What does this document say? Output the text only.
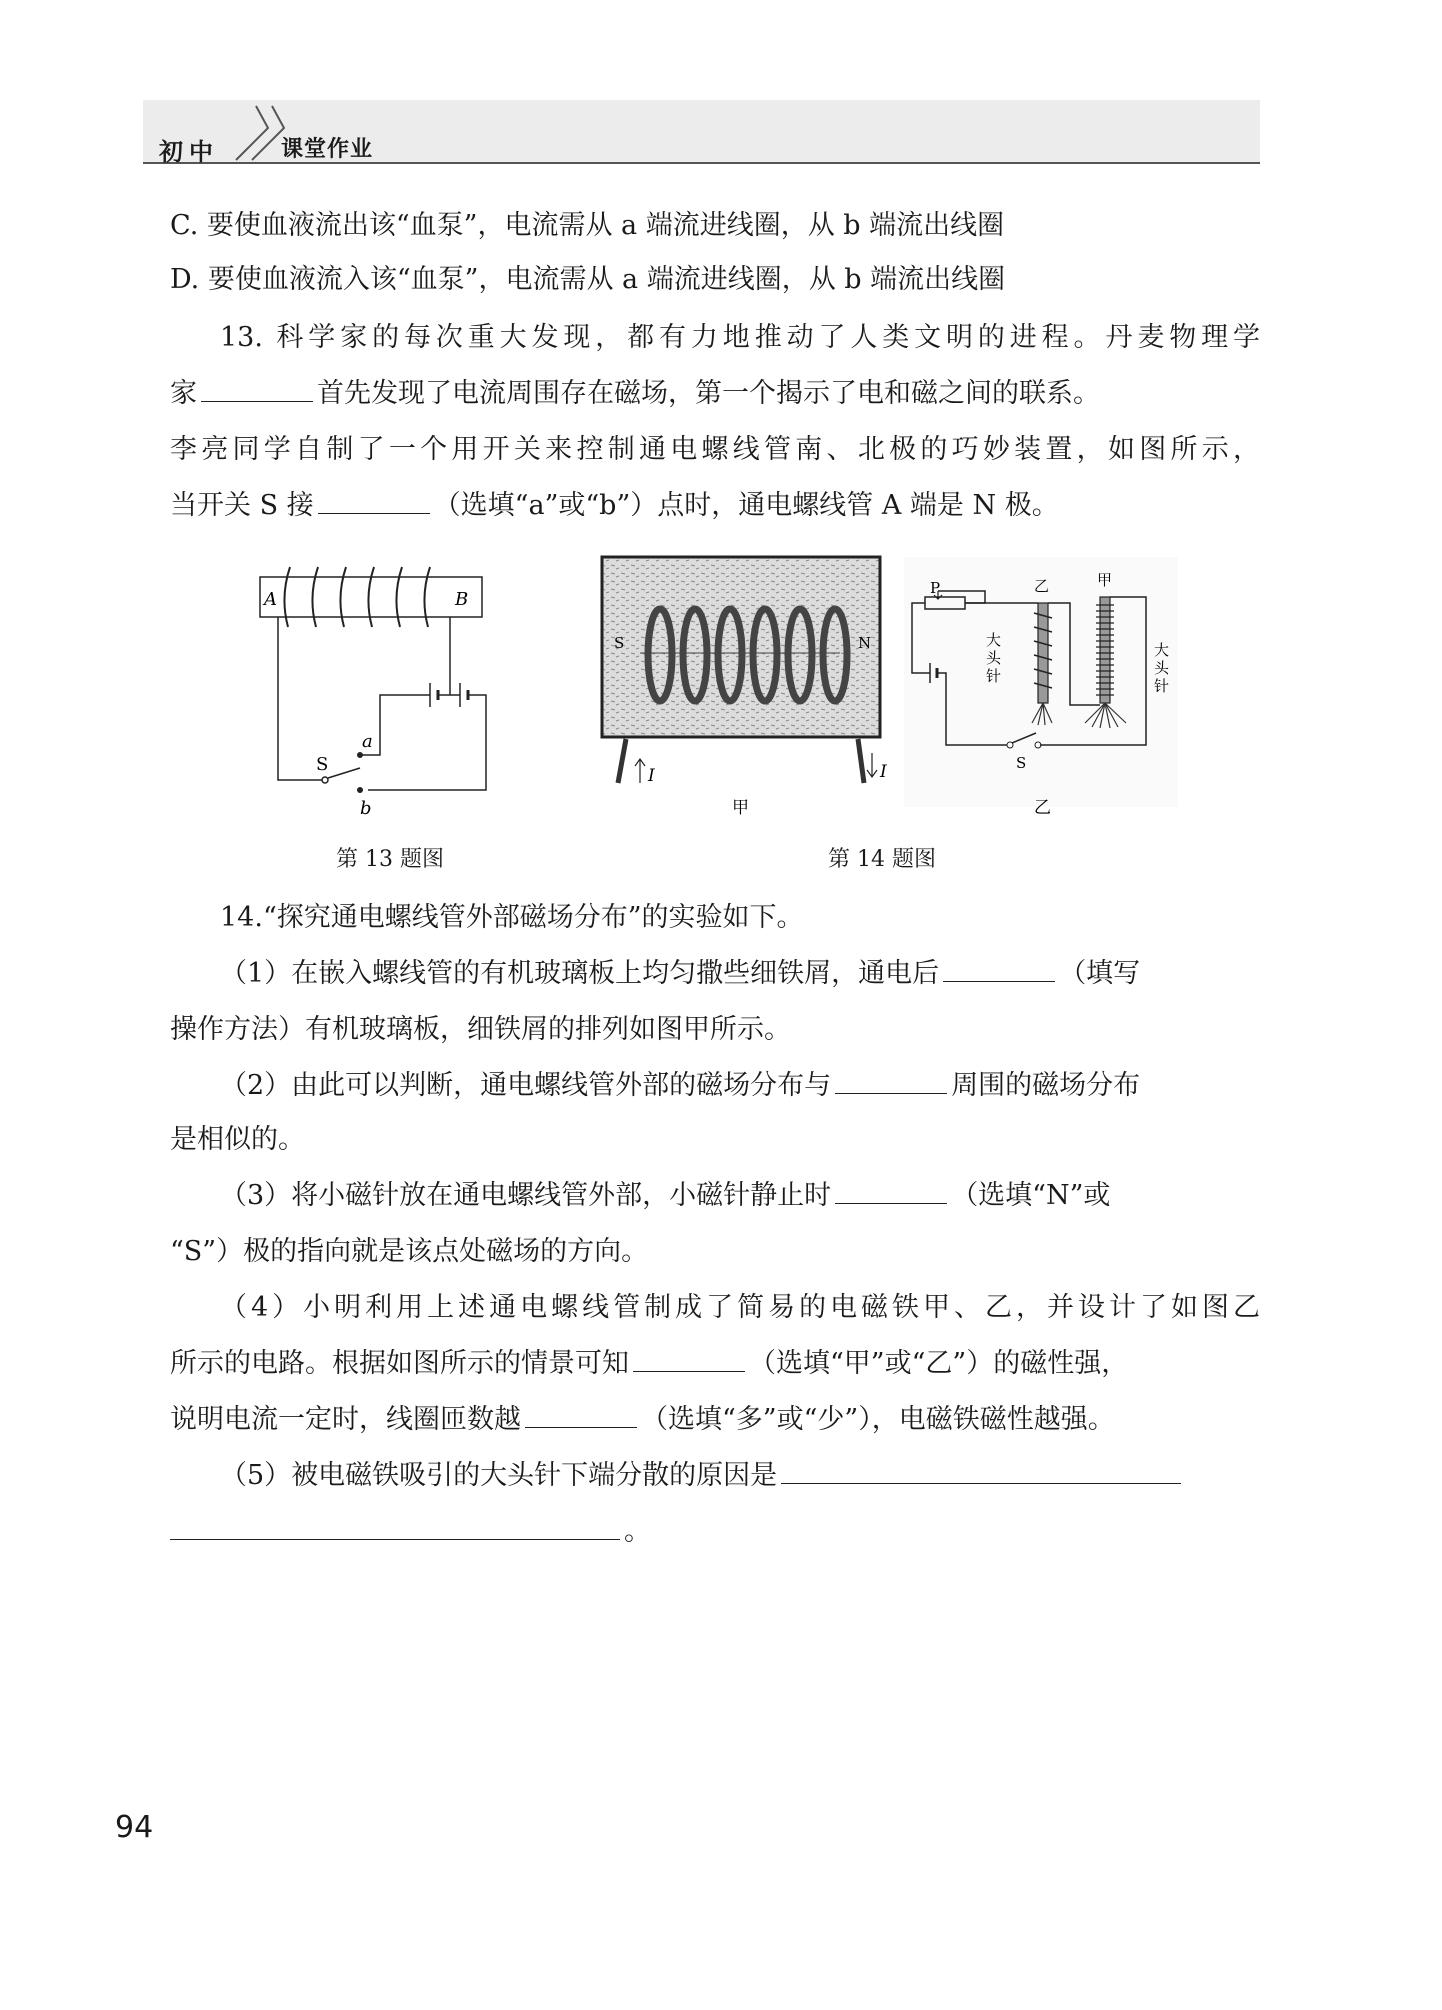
初中	课堂作业
C. 要使血液流出该“血泵”，电流需从 a 端流进线圈，从 b 端流出线圈
D. 要使血液流入该“血泵”，电流需从 a 端流进线圈，从 b 端流出线圈
13. 科学家的每次重大发现，都有力地推动了人类文明的进程。丹麦物理学
家	首先发现了电流周围存在磁场，第一个揭示了电和磁之间的联系。
李亮同学自制了一个用开关来控制通电螺线管南、北极的巧妙装置，如图所示，
当开关 S 接	（选填“a”或“b”）点时，通电螺线管 A 端是 N 极。
A	B
S
a
b
第 13 题图
S	N
I	I
甲
P
S
乙	甲
大
头
针
大
头
针
乙
第 14 题图
14.“探究通电螺线管外部磁场分布”的实验如下。
（1）在嵌入螺线管的有机玻璃板上均匀撒些细铁屑，通电后	（填写
操作方法）有机玻璃板，细铁屑的排列如图甲所示。
（2）由此可以判断，通电螺线管外部的磁场分布与	周围的磁场分布
是相似的。
（3）将小磁针放在通电螺线管外部，小磁针静止时	（选填“N”或
“S”）极的指向就是该点处磁场的方向。
（4）小明利用上述通电螺线管制成了简易的电磁铁甲、乙，并设计了如图乙
所示的电路。根据如图所示的情景可知	（选填“甲”或“乙”）的磁性强，
说明电流一定时，线圈匝数越	（选填“多”或“少”），电磁铁磁性越强。
（5）被电磁铁吸引的大头针下端分散的原因是
。
94
